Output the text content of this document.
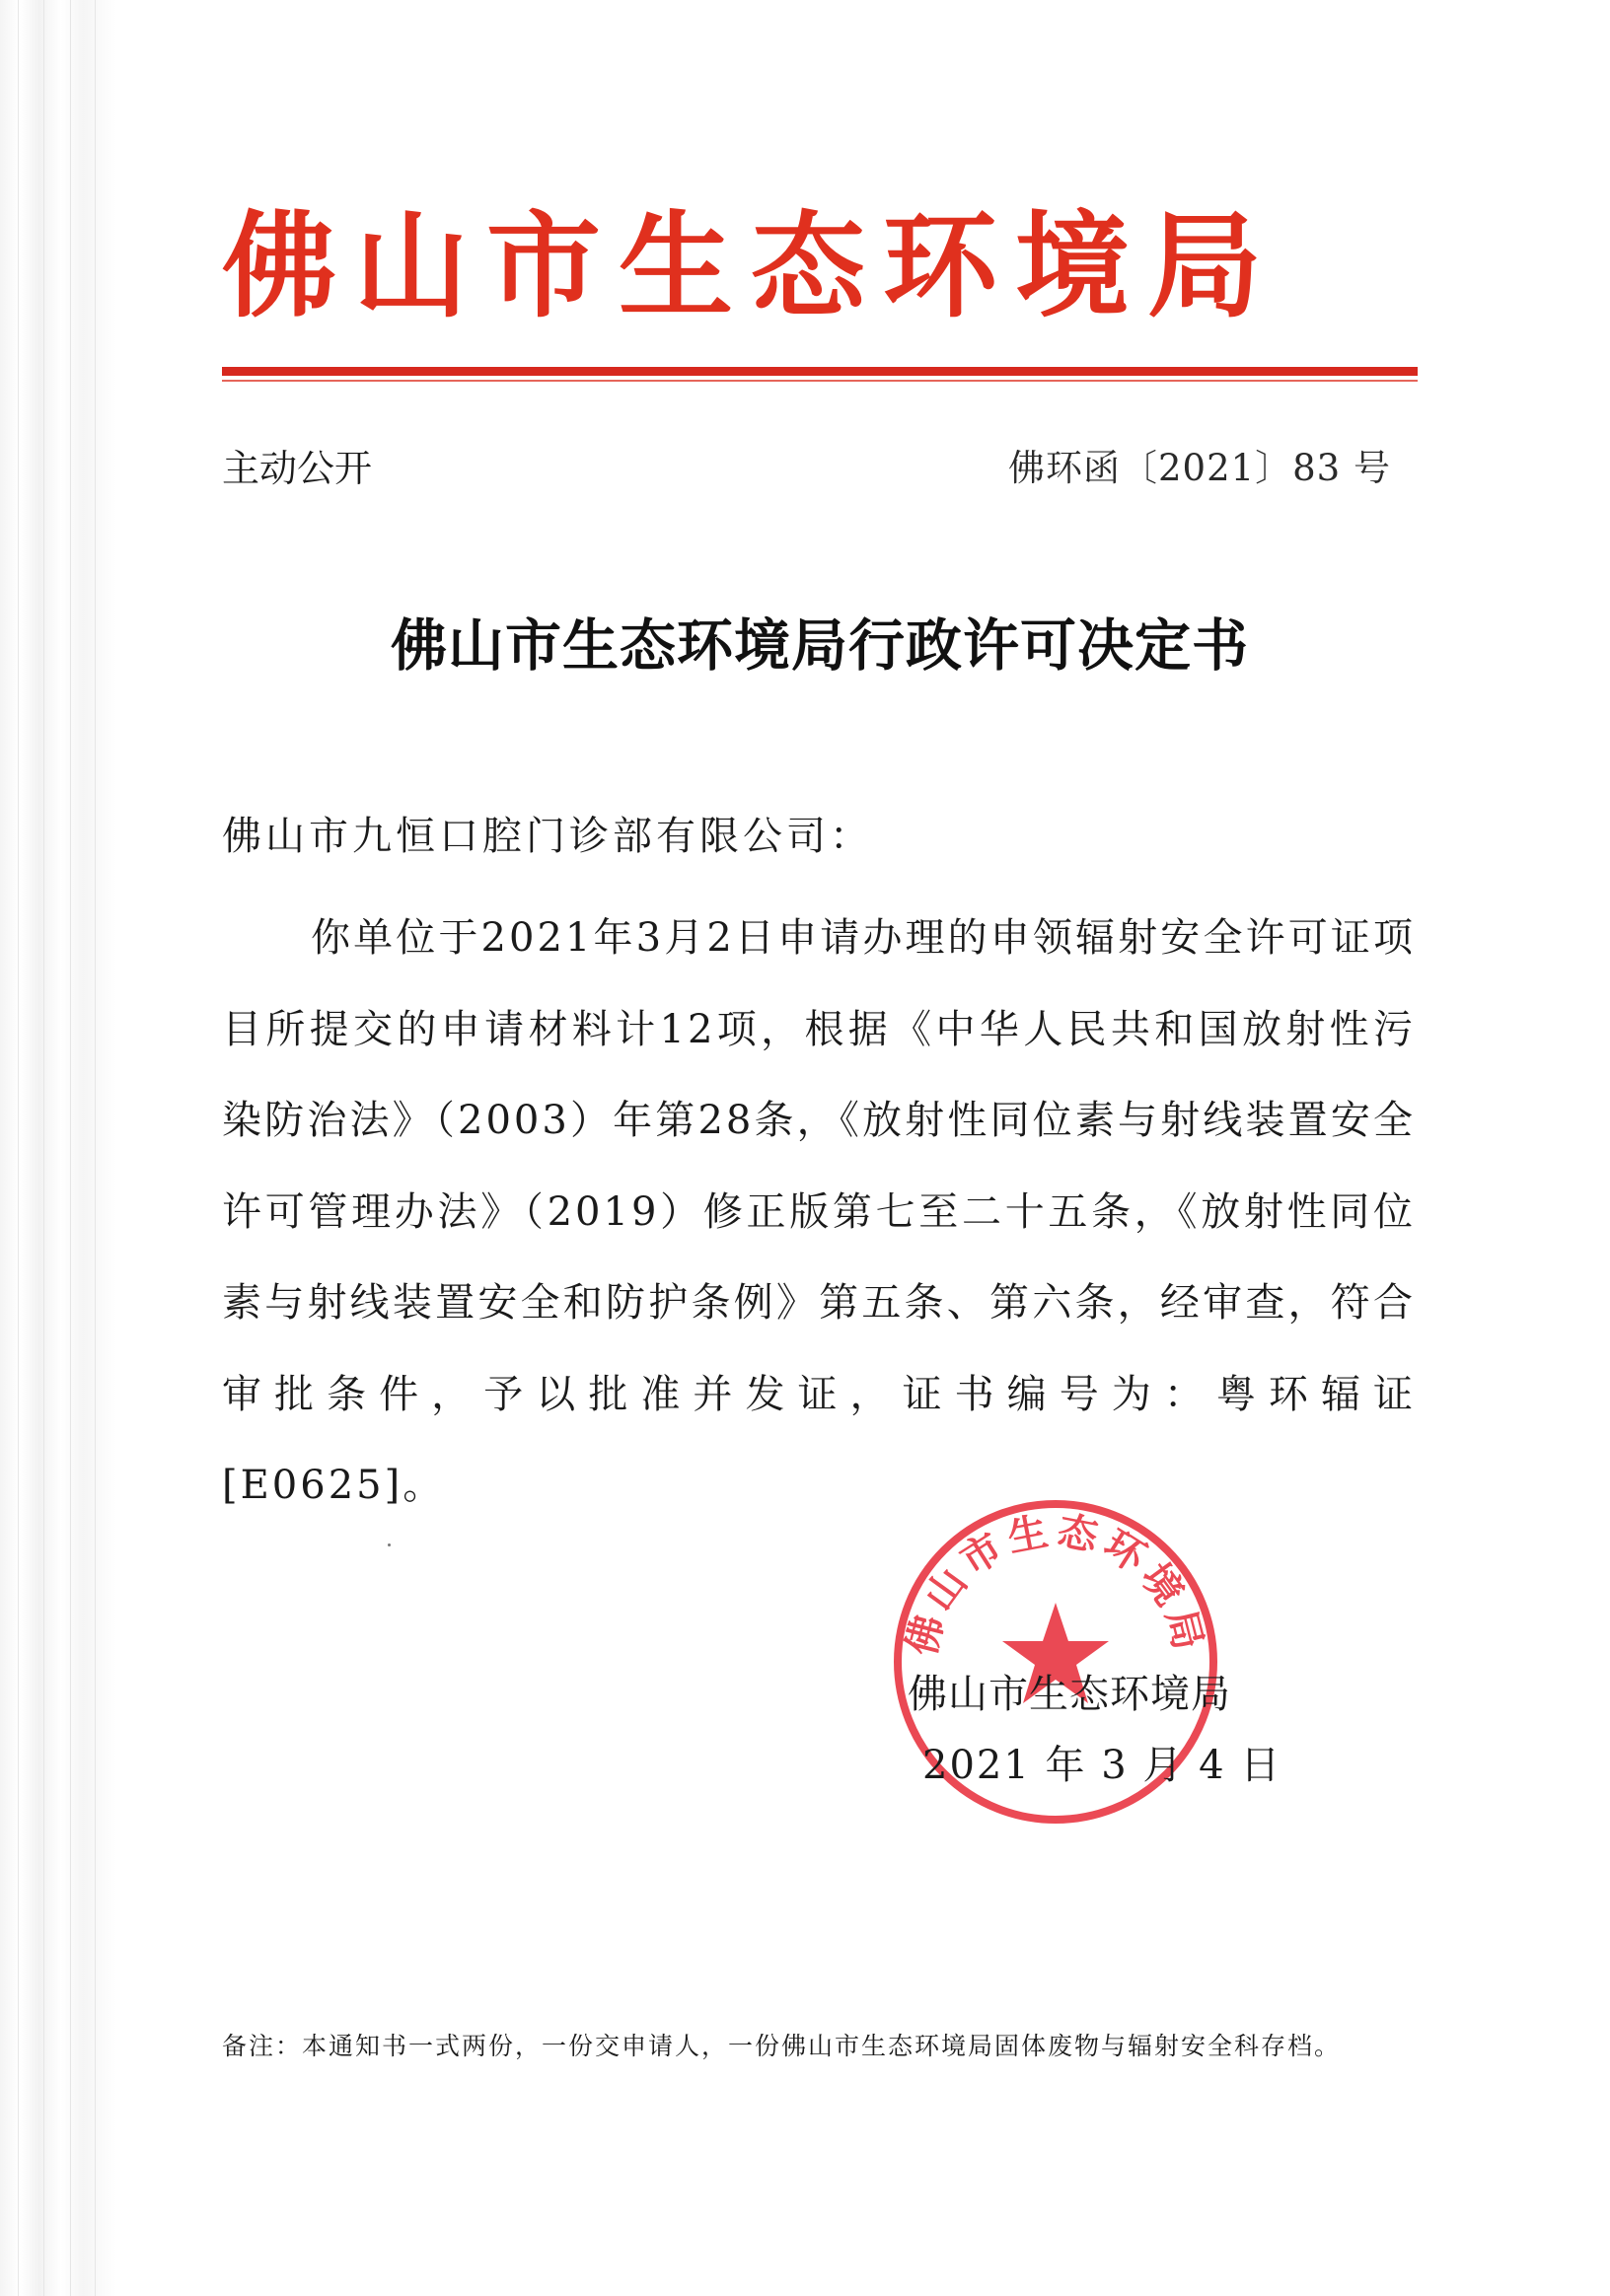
佛山市生态环境局
主动公开	佛环函〔2021〕83 号
佛山市生态环境局行政许可决定书
佛山市九恒口腔门诊部有限公司：
你单位于2021年3月2日申请办理的申领辐射安全许可证项目所提交的申请材料计12项，根据《中华人民共和国放射性污染防治法》（2003）年第28条，《放射性同位素与射线装置安全许可管理办法》（2019）修正版第七至二十五条，《放射性同位素与射线装置安全和防护条例》第五条、第六条，经审查，符合审批条件，予以批准并发证，证书编号为：粤环辐证[E0625]。
佛山市生态环境局
佛山市生态环境局
2021 年 3 月 4 日
备注：本通知书一式两份，一份交申请人，一份佛山市生态环境局固体废物与辐射安全科存档。
